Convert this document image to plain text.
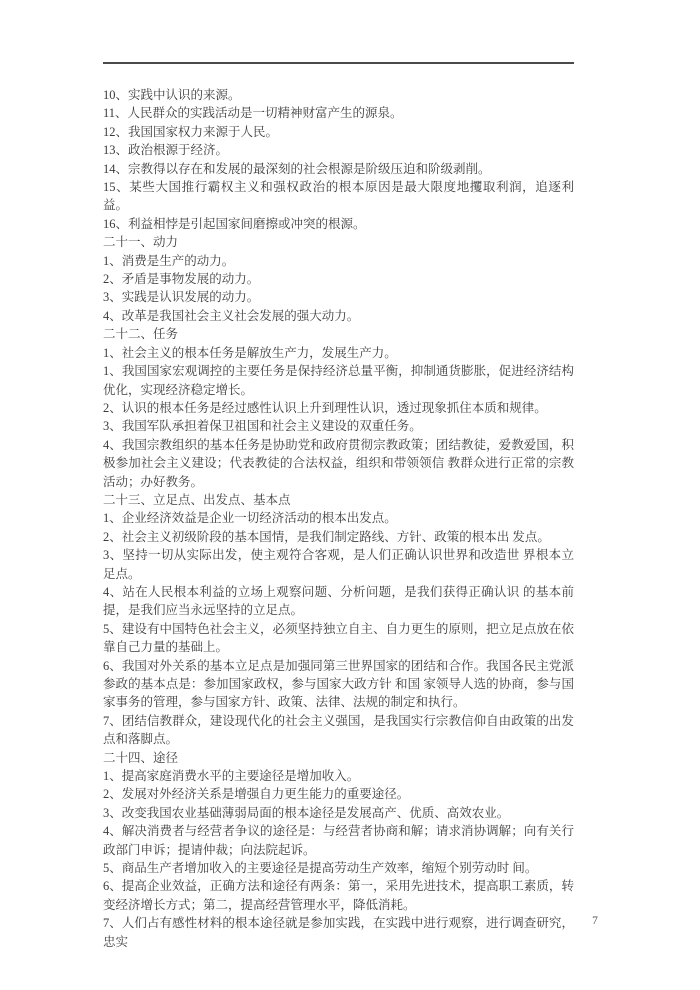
10、实践中认识的来源。

11、人民群众的实践活动是一切精神财富产生的源泉。

12、我国国家权力来源于人民。

13、政治根源于经济。

14、宗教得以存在和发展的最深刻的社会根源是阶级压迫和阶级剥削。

15、某些大国推行霸权主义和强权政治的根本原因是最大限度地攫取利润，追逐利益。

16、利益相悖是引起国家间磨擦或冲突的根源。

二十一、动力

1、消费是生产的动力。

2、矛盾是事物发展的动力。

3、实践是认识发展的动力。

4、改革是我国社会主义社会发展的强大动力。

二十二、任务

1、社会主义的根本任务是解放生产力，发展生产力。

1、我国国家宏观调控的主要任务是保持经济总量平衡，抑制通货膨胀，促进经济结构优化，实现经济稳定增长。

2、认识的根本任务是经过感性认识上升到理性认识，透过现象抓住本质和规律。

3、我国军队承担着保卫祖国和社会主义建设的双重任务。

4、我国宗教组织的基本任务是协助党和政府贯彻宗教政策；团结教徒，爱教爱国，积极参加社会主义建设；代表教徒的合法权益，组织和带领领信 教群众进行正常的宗教活动；办好教务。

二十三、立足点、出发点、基本点

1、企业经济效益是企业一切经济活动的根本出发点。

2、社会主义初级阶段的基本国情，是我们制定路线、方针、政策的根本出 发点。

3、坚持一切从实际出发，使主观符合客观，是人们正确认识世界和改造世 界根本立足点。

4、站在人民根本利益的立场上观察问题、分析问题，是我们获得正确认识 的基本前提，是我们应当永远坚持的立足点。

5、建设有中国特色社会主义，必须坚持独立自主、自力更生的原则，把立足点放在依靠自己力量的基础上。

6、我国对外关系的基本立足点是加强同第三世界国家的团结和合作。我国各民主党派参政的基本点是：参加国家政权，参与国家大政方针 和国 家领导人选的协商，参与国家事务的管理，参与国家方针、政策、法律、法规的制定和执行。

7、团结信教群众，建设现代化的社会主义强国，是我国实行宗教信仰自由政策的出发点和落脚点。

二十四、途径

1、提高家庭消费水平的主要途径是增加收入。

2、发展对外经济关系是增强自力更生能力的重要途径。

3、改变我国农业基础薄弱局面的根本途径是发展高产、优质、高效农业。

4、解决消费者与经营者争议的途径是：与经营者协商和解；请求消协调解；向有关行政部门申诉；提请仲裁；向法院起诉。

5、商品生产者增加收入的主要途径是提高劳动生产效率，缩短个别劳动时 间。

6、提高企业效益，正确方法和途径有两条：第一，采用先进技术，提高职工素质，转变经济增长方式；第二，提高经营管理水平，降低消耗。

7、人们占有感性材料的根本途径就是参加实践，在实践中进行观察，进行调查研究，忠实

7
